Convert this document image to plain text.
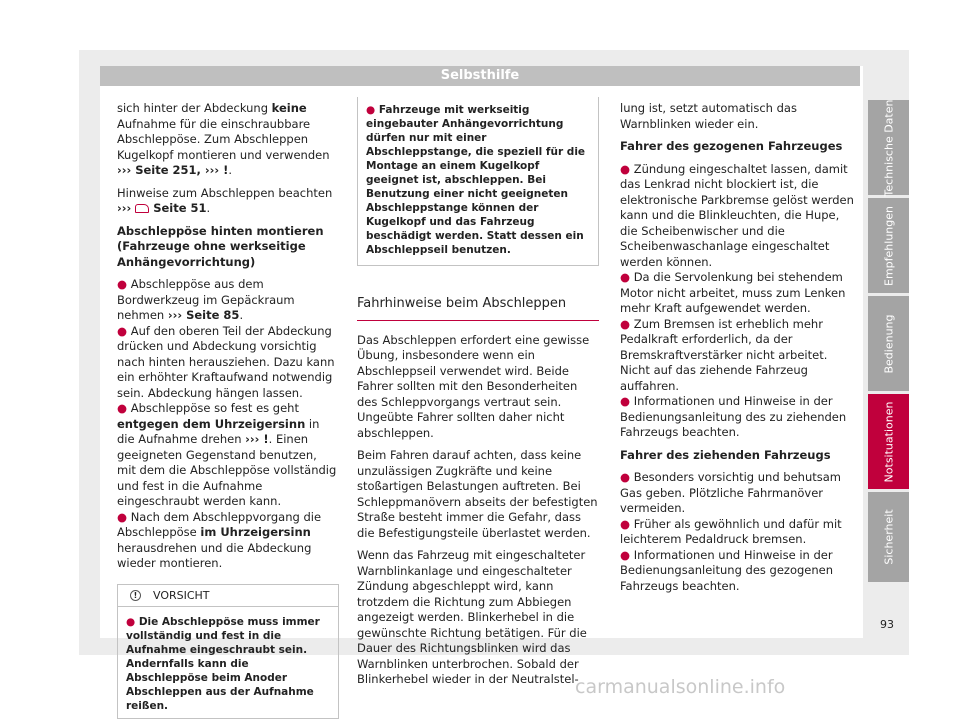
Selbsthilfe

sich hinter der Abdeckung keine Aufnahme für die einschraubbare Abschleppöse. Zum Abschleppen Kugelkopf montieren und verwenden ››› Seite 251, ››› !.

Hinweise zum Abschleppen beachten
››› Seite 51.

Abschleppöse hinten montieren (Fahrzeuge ohne werkseitige Anhängevorrichtung)

● Abschleppöse aus dem Bordwerkzeug im Gepäckraum nehmen ››› Seite 85.

● Auf den oberen Teil der Abdeckung drücken und Abdeckung vorsichtig nach hinten herausziehen. Dazu kann ein erhöhter Kraftaufwand notwendig sein. Abdeckung hängen lassen.

● Abschleppöse so fest es geht entgegen dem Uhrzeigersinn in die Aufnahme drehen ››› !. Einen geeigneten Gegenstand benutzen, mit dem die Abschleppöse vollständig und fest in die Aufnahme eingeschraubt werden kann.

● Nach dem Abschleppvorgang die Abschleppöse im Uhrzeigersinn herausdrehen und die Abdeckung wieder montieren.

! VORSICHT
● Die Abschleppöse muss immer vollständig und fest in die Aufnahme eingeschraubt sein. Andernfalls kann die Abschleppöse beim Anoder Abschleppen aus der Aufnahme reißen.
● Fahrzeuge mit werkseitig eingebauter Anhängevorrichtung dürfen nur mit einer Abschleppstange, die speziell für die Montage an einem Kugelkopf geeignet ist, abschleppen. Bei Benutzung einer nicht geeigneten Abschleppstange können der Kugelkopf und das Fahrzeug beschädigt werden. Statt dessen ein Abschleppseil benutzen.
Fahrhinweise beim Abschleppen

Das Abschleppen erfordert eine gewisse Übung, insbesondere wenn ein Abschleppseil verwendet wird. Beide Fahrer sollten mit den Besonderheiten des Schleppvorgangs vertraut sein. Ungeübte Fahrer sollten daher nicht abschleppen.

Beim Fahren darauf achten, dass keine unzulässigen Zugkräfte und keine stoßartigen Belastungen auftreten. Bei Schleppmanövern abseits der befestigten Straße besteht immer die Gefahr, dass die Befestigungsteile überlastet werden.

Wenn das Fahrzeug mit eingeschalteter Warnblinkanlage und eingeschalteter Zündung abgeschleppt wird, kann trotzdem die Richtung zum Abbiegen angezeigt werden. Blinkerhebel in die gewünschte Richtung betätigen. Für die Dauer des Richtungsblinken wird das Warnblinken unterbrochen. Sobald der Blinkerhebel wieder in der Neutralstel-

lung ist, setzt automatisch das Warnblinken wieder ein.

Fahrer des gezogenen Fahrzeuges

● Zündung eingeschaltet lassen, damit das Lenkrad nicht blockiert ist, die elektronische Parkbremse gelöst werden kann und die Blinkleuchten, die Hupe, die Scheibenwischer und die Scheibenwaschanlage eingeschaltet werden können.

● Da die Servolenkung bei stehendem Motor nicht arbeitet, muss zum Lenken mehr Kraft aufgewendet werden.

● Zum Bremsen ist erheblich mehr Pedalkraft erforderlich, da der Bremskraftverstärker nicht arbeitet. Nicht auf das ziehende Fahrzeug auffahren.

● Informationen und Hinweise in der Bedienungsanleitung des zu ziehenden Fahrzeugs beachten.

Fahrer des ziehenden Fahrzeugs

● Besonders vorsichtig und behutsam Gas geben. Plötzliche Fahrmanöver vermeiden.

● Früher als gewöhnlich und dafür mit leichterem Pedaldruck bremsen.

● Informationen und Hinweise in der Bedienungsanleitung des gezogenen Fahrzeugs beachten.

Technische Daten
Empfehlungen
Bedienung
Notsituationen
Sicherheit
93
carmanualsonline.info
